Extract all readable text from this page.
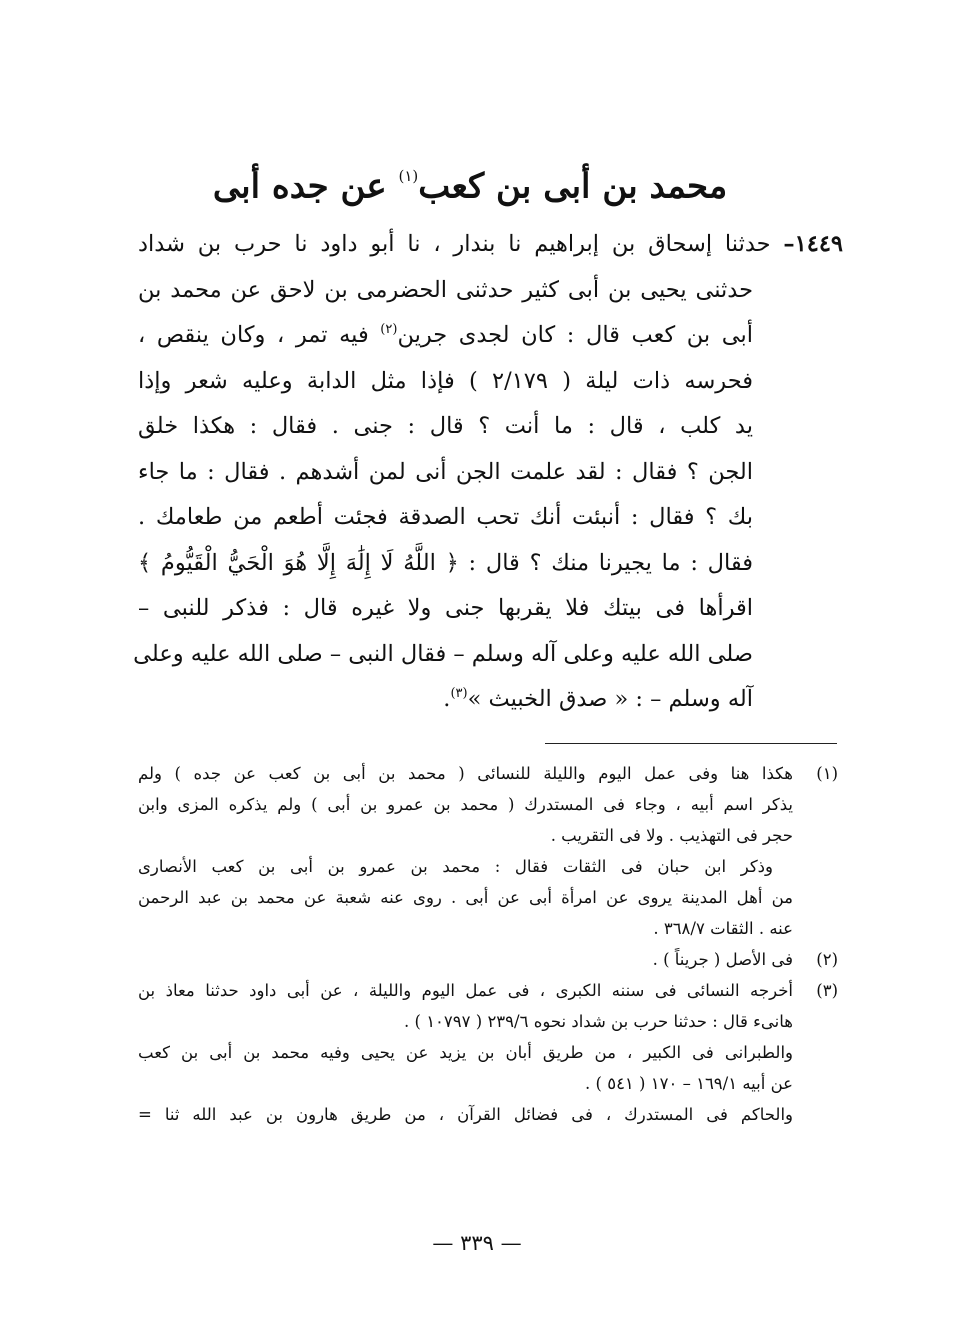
محمد بن أبى بن كعب$^{(١)}$ عن جده أبى
١٤٤٩– حدثنا إسحاق بن إبراهيم نا بندار ، نا أبو داود نا حرب بن شداد
حدثنى يحيى بن أبى كثير حدثنى الحضرمى بن لاحق عن محمد بن
أبى بن كعب قال : كان لجدى جرين$^{(٢)}$ فيه تمر ، وكان ينقص ،
فحرسه ذات ليلة ( ٢/١٧٩ ) فإذا مثل الدابة وعليه شعر وإذا
يد كلب ، قال : ما أنت ؟ قال : جنى . فقال : هكذا خلق
الجن ؟ فقال : لقد علمت الجن أنى لمن أشدهم . فقال : ما جاء
بك ؟ فقال : أنبئت أنك تحب الصدقة فجئت أطعم من طعامك .
فقال : ما يجيرنا منك ؟ قال : ﴿ اللَّهُ لَا إِلَٰهَ إِلَّا هُوَ الْحَيُّ الْقَيُّومُ ﴾
اقرأها فى بيتك فلا يقربها جنى ولا غيره قال : فذكر للنبى –
صلى الله عليه وعلى آله وسلم – فقال النبى – صلى الله عليه وعلى
آله وسلم – : « صدق الخبيث »$^{(٣)}$.
(١)
هكذا هنا وفى عمل اليوم والليلة للنسائى ( محمد بن أبى بن كعب عن جده ) ولم
يذكر اسم أبيه ، وجاء فى المستدرك ( محمد بن عمرو بن أبى ) ولم يذكره المزى وابن
حجر فى التهذيب . ولا فى التقريب .
وذكر ابن حبان فى الثقات فقال : محمد بن عمرو بن أبى بن كعب الأنصارى
من أهل المدينة يروى عن امرأة أبى عن أبى . روى عنه شعبة عن محمد بن عبد الرحمن
عنه . الثقات ٣٦٨/٧ .
(٢)
فى الأصل ( جريناً ) .
(٣)
أخرجه النسائى فى سننه الكبرى ، فى عمل اليوم والليلة ، عن أبى داود حدثنا معاذ بن
هانىء قال : حدثنا حرب بن شداد نحوه ٢٣٩/٦ ( ١٠٧٩٧ ) .
والطبرانى فى الكبير ، من طريق أبان بن يزيد عن يحيى وفيه محمد بن أبى بن كعب
عن أبيه ١٦٩/١ – ١٧٠ ( ٥٤١ ) .
والحاكم فى المستدرك ، فى فضائل القرآن ، من طريق هارون بن عبد الله ثنا =
— ٣٣٩ —
